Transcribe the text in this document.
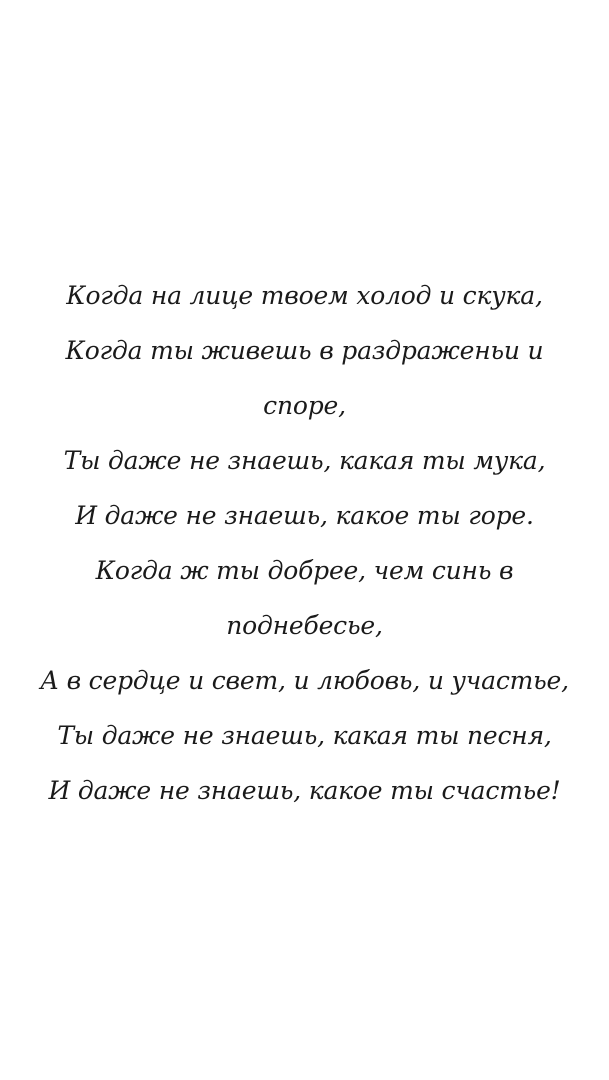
Когда на лице твоем холод и скука,
Когда ты живешь в раздраженьи и
споре,
Ты даже не знаешь, какая ты мука,
И даже не знаешь, какое ты горе.
Когда ж ты добрее, чем синь в
поднебесье,
А в сердце и свет, и любовь, и участье,
Ты даже не знаешь, какая ты песня,
И даже не знаешь, какое ты счастье!
